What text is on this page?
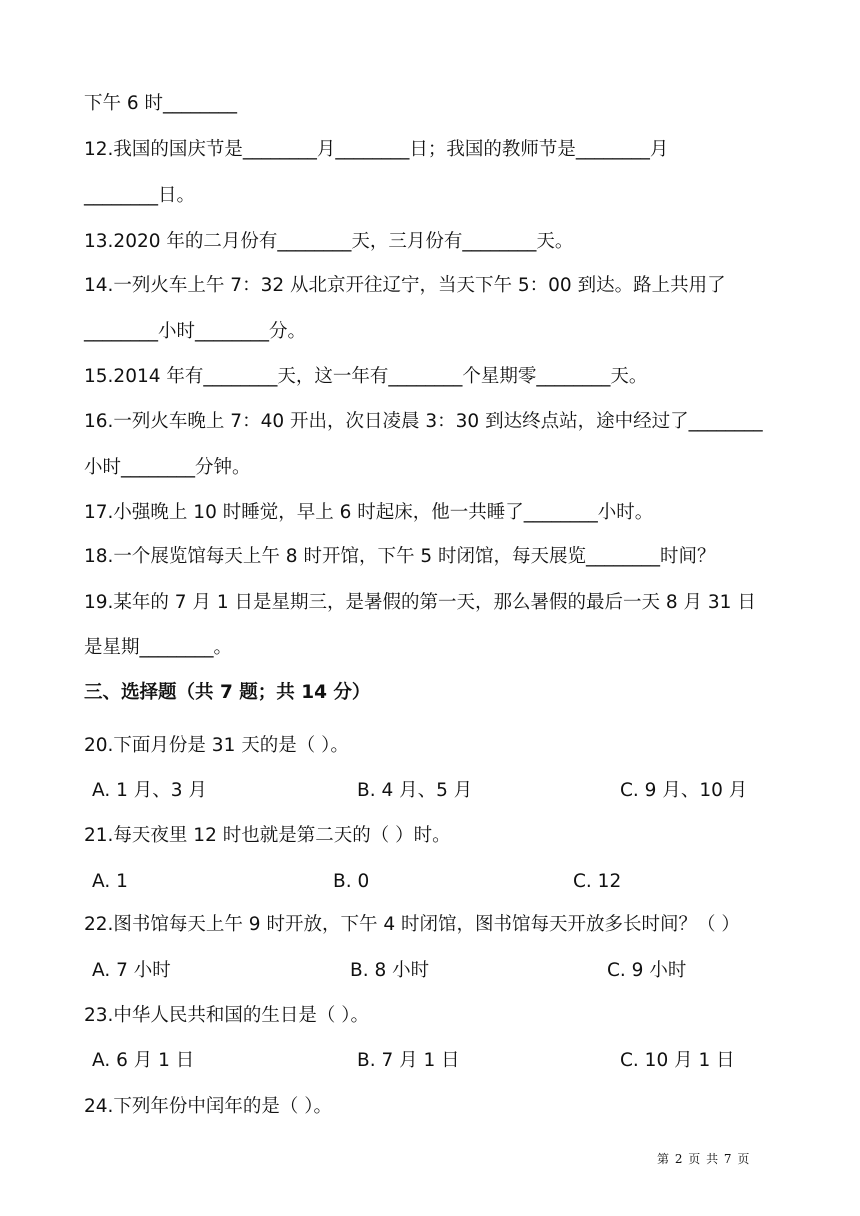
下午 6 时________
12.我国的国庆节是________月________日；我国的教师节是________月
________日。
13.2020 年的二月份有________天，三月份有________天。
14.一列火车上午 7：32 从北京开往辽宁，当天下午 5：00 到达。路上共用了
________小时________分。
15.2014 年有________天，这一年有________个星期零________天。
16.一列火车晚上 7：40 开出，次日凌晨 3：30 到达终点站，途中经过了________
小时________分钟。
17.小强晚上 10 时睡觉，早上 6 时起床，他一共睡了________小时。
18.一个展览馆每天上午 8 时开馆，下午 5 时闭馆，每天展览________时间？
19.某年的 7 月 1 日是星期三，是暑假的第一天，那么暑假的最后一天 8 月 31 日
是星期________。
三、选择题（共 7 题；共 14 分）
20.下面月份是 31 天的是（ ）。
A. 1 月、3 月	B. 4 月、5 月	C. 9 月、10 月
21.每天夜里 12 时也就是第二天的（ ）时。
A. 1	B. 0	C. 12
22.图书馆每天上午 9 时开放，下午 4 时闭馆，图书馆每天开放多长时间？（ ）
A. 7 小时	B. 8 小时	C. 9 小时
23.中华人民共和国的生日是（ ）。
A. 6 月 1 日	B. 7 月 1 日	C. 10 月 1 日
24.下列年份中闰年的是（ ）。
第 2 页 共 7 页
